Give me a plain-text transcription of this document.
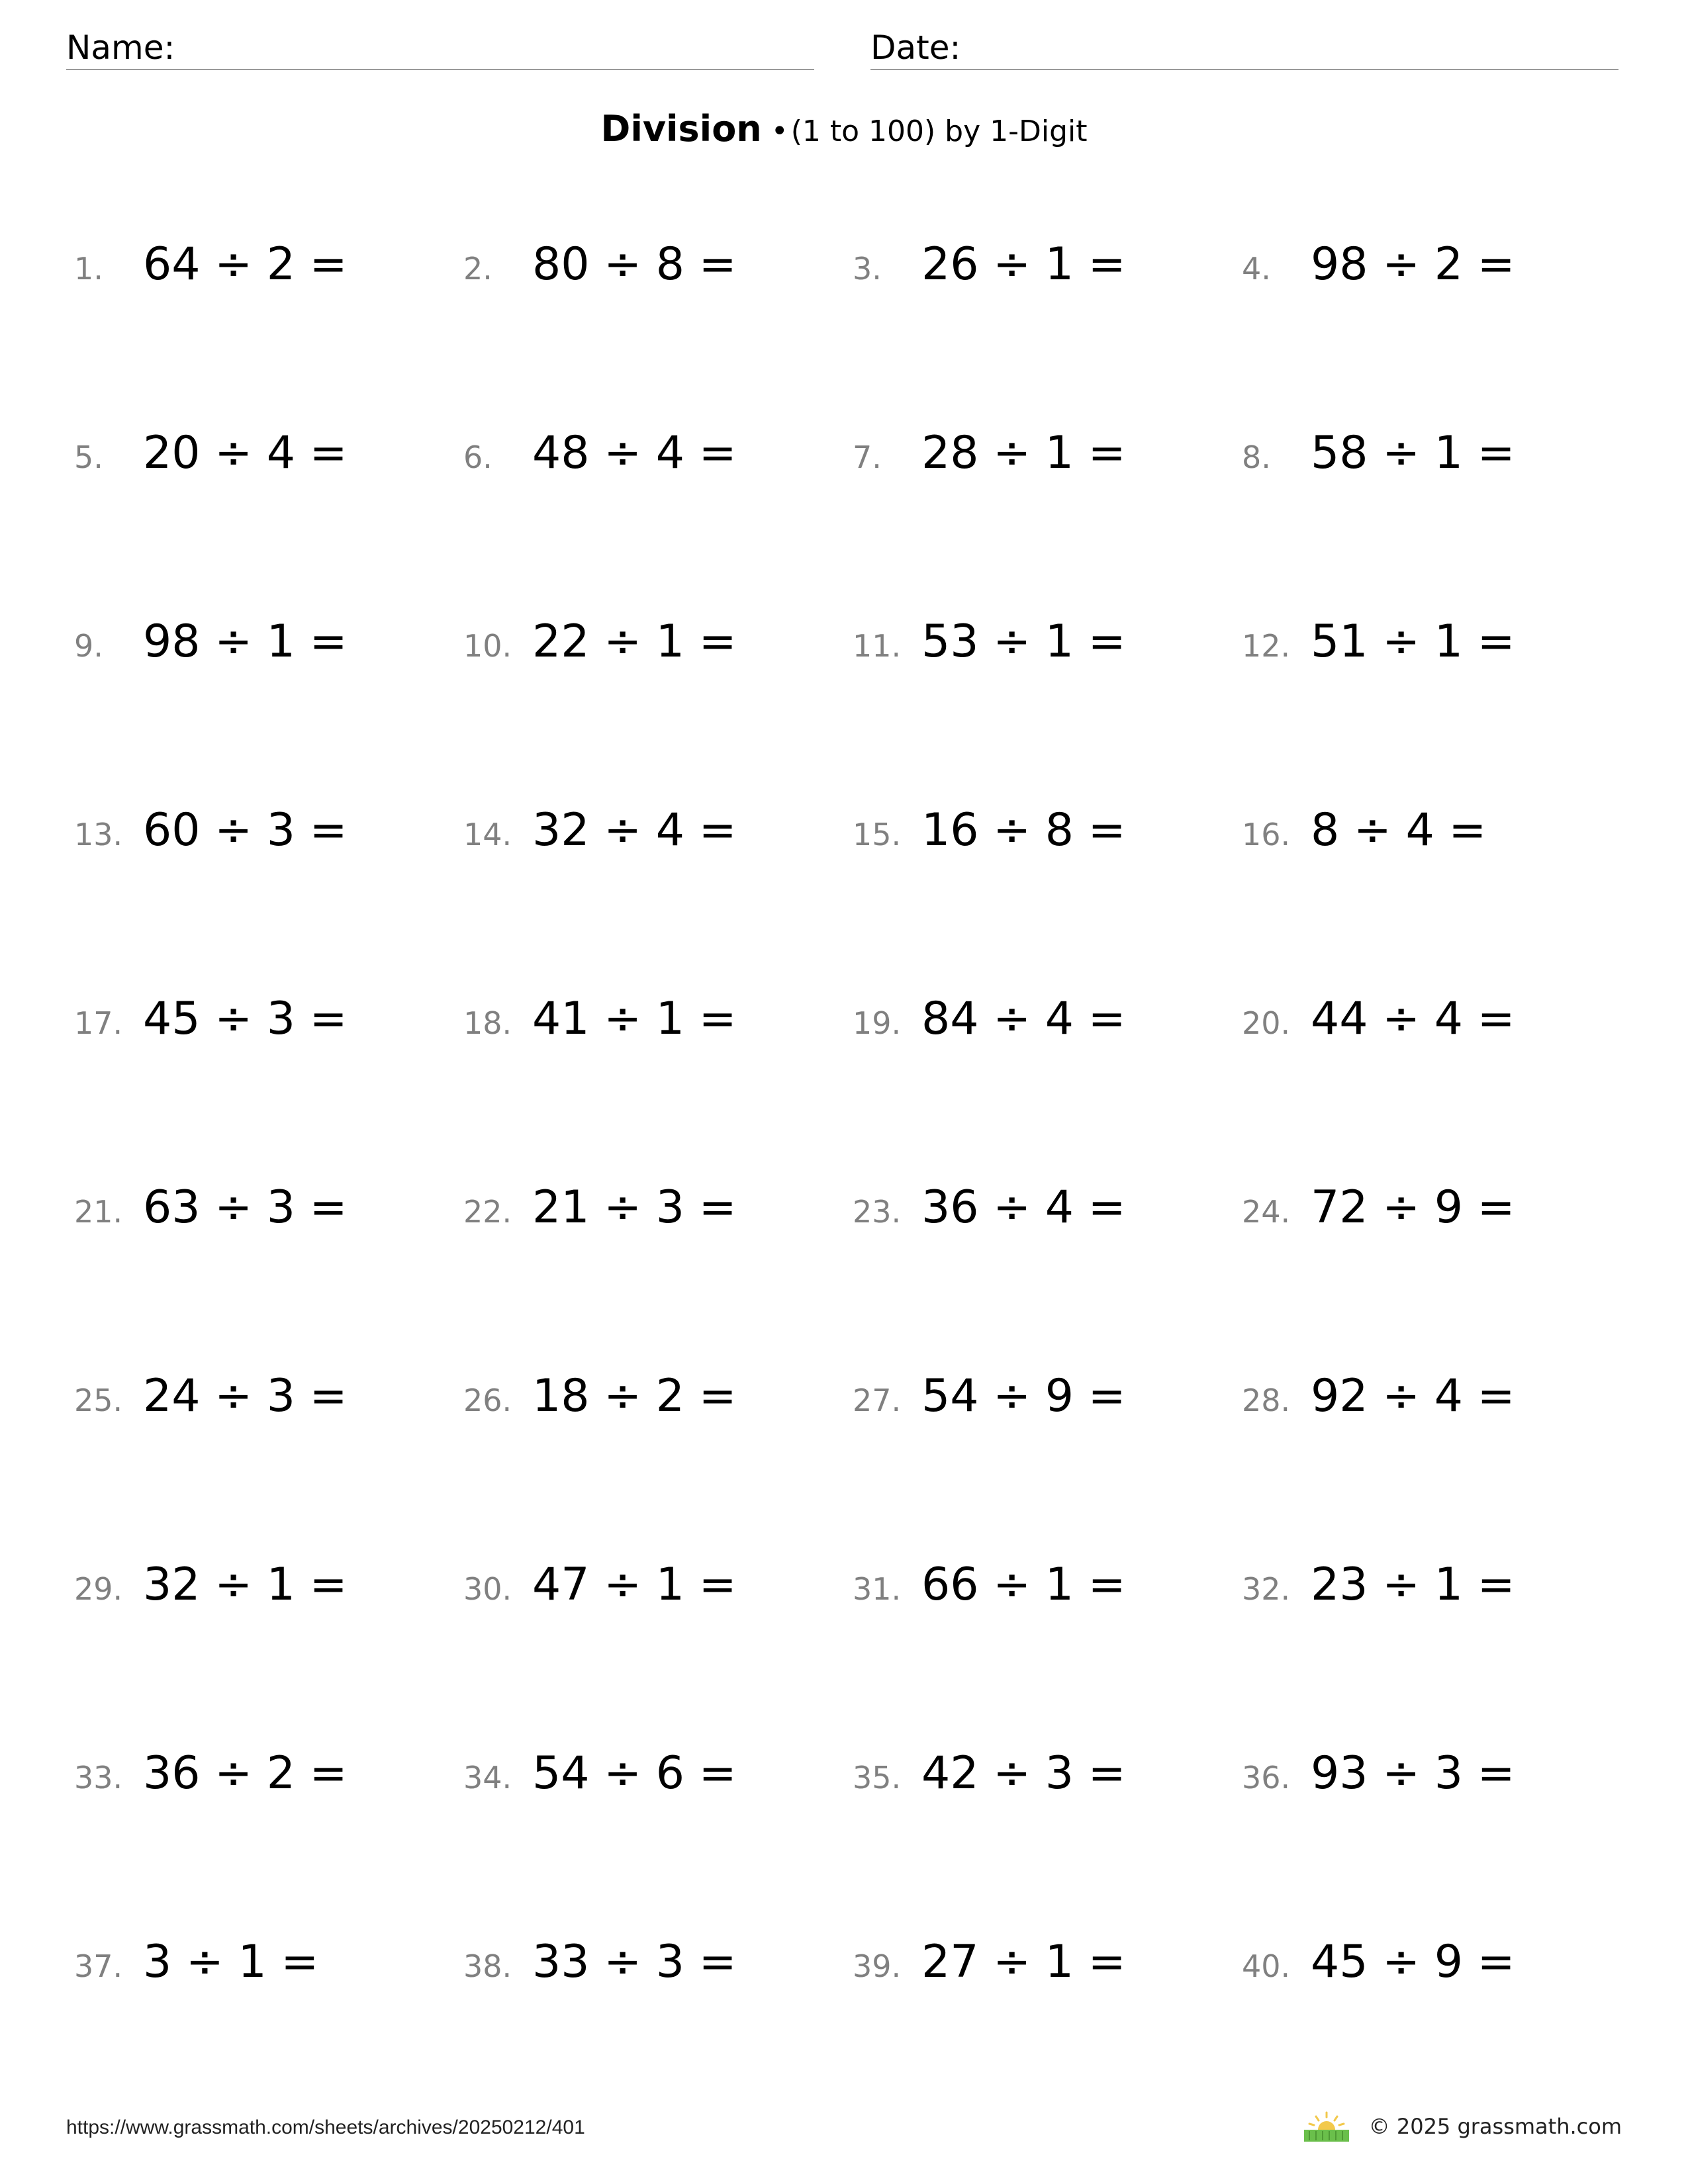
Name:	Date:
Division •(1 to 100) by 1-Digit
1. 64 ÷ 2 =	2. 80 ÷ 8 =	3. 26 ÷ 1 =	4. 98 ÷ 2 =
5. 20 ÷ 4 =	6. 48 ÷ 4 =	7. 28 ÷ 1 =	8. 58 ÷ 1 =
9. 98 ÷ 1 =	10. 22 ÷ 1 =	11. 53 ÷ 1 =	12. 51 ÷ 1 =
13. 60 ÷ 3 =	14. 32 ÷ 4 =	15. 16 ÷ 8 =	16. 8 ÷ 4 =
17. 45 ÷ 3 =	18. 41 ÷ 1 =	19. 84 ÷ 4 =	20. 44 ÷ 4 =
21. 63 ÷ 3 =	22. 21 ÷ 3 =	23. 36 ÷ 4 =	24. 72 ÷ 9 =
25. 24 ÷ 3 =	26. 18 ÷ 2 =	27. 54 ÷ 9 =	28. 92 ÷ 4 =
29. 32 ÷ 1 =	30. 47 ÷ 1 =	31. 66 ÷ 1 =	32. 23 ÷ 1 =
33. 36 ÷ 2 =	34. 54 ÷ 6 =	35. 42 ÷ 3 =	36. 93 ÷ 3 =
37. 3 ÷ 1 =	38. 33 ÷ 3 =	39. 27 ÷ 1 =	40. 45 ÷ 9 =
https://www.grassmath.com/sheets/archives/20250212/401	© 2025 grassmath.com
